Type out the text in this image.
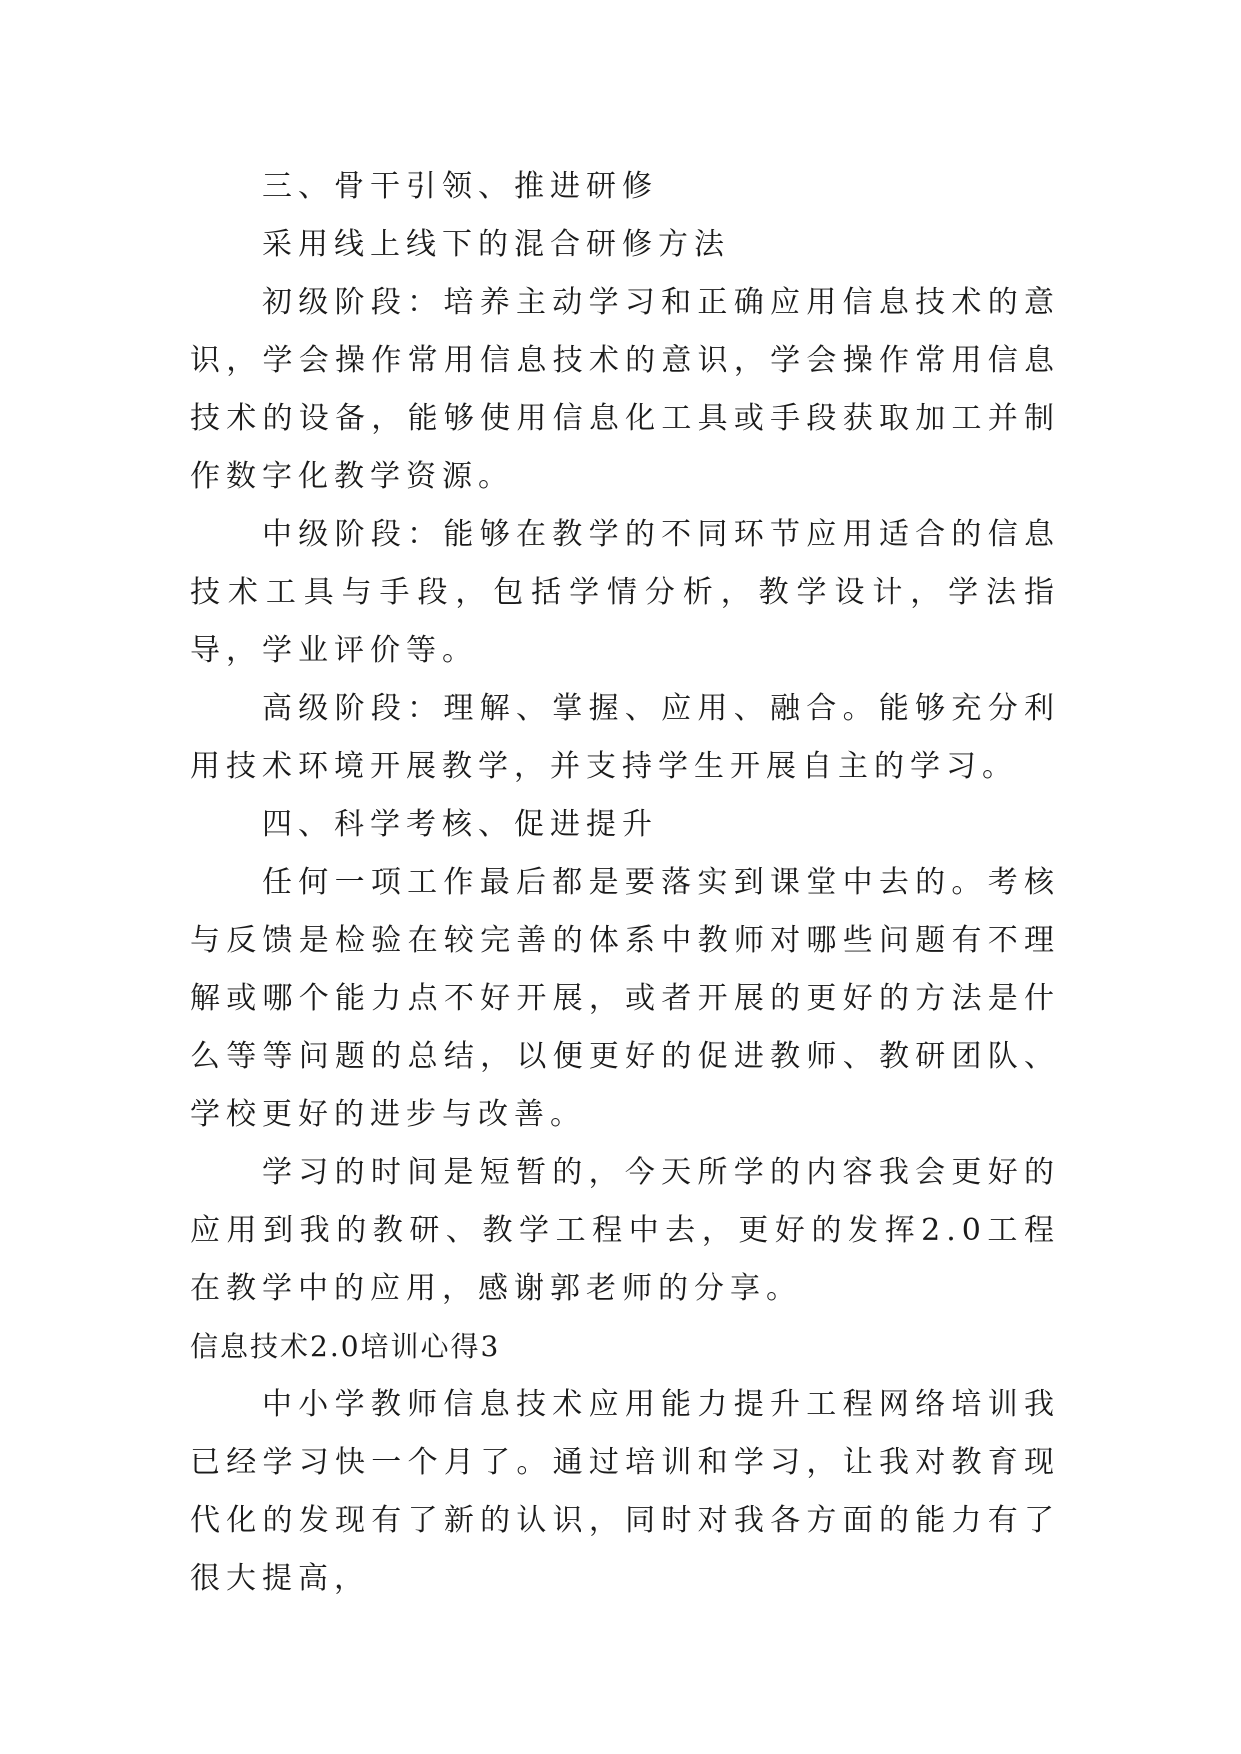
三、骨干引领、推进研修

采用线上线下的混合研修方法

初级阶段：培养主动学习和正确应用信息技术的意识，学会操作常用信息技术的意识，学会操作常用信息技术的设备，能够使用信息化工具或手段获取加工并制作数字化教学资源。

中级阶段：能够在教学的不同环节应用适合的信息技术工具与手段，包括学情分析，教学设计，学法指导，学业评价等。

高级阶段：理解、掌握、应用、融合。能够充分利用技术环境开展教学，并支持学生开展自主的学习。

四、科学考核、促进提升

任何一项工作最后都是要落实到课堂中去的。考核与反馈是检验在较完善的体系中教师对哪些问题有不理解或哪个能力点不好开展，或者开展的更好的方法是什么等等问题的总结，以便更好的促进教师、教研团队、学校更好的进步与改善。

学习的时间是短暂的，今天所学的内容我会更好的应用到我的教研、教学工程中去，更好的发挥2.0工程在教学中的应用，感谢郭老师的分享。

信息技术2.0培训心得3

中小学教师信息技术应用能力提升工程网络培训我已经学习快一个月了。通过培训和学习，让我对教育现代化的发现有了新的认识，同时对我各方面的能力有了很大提高，
